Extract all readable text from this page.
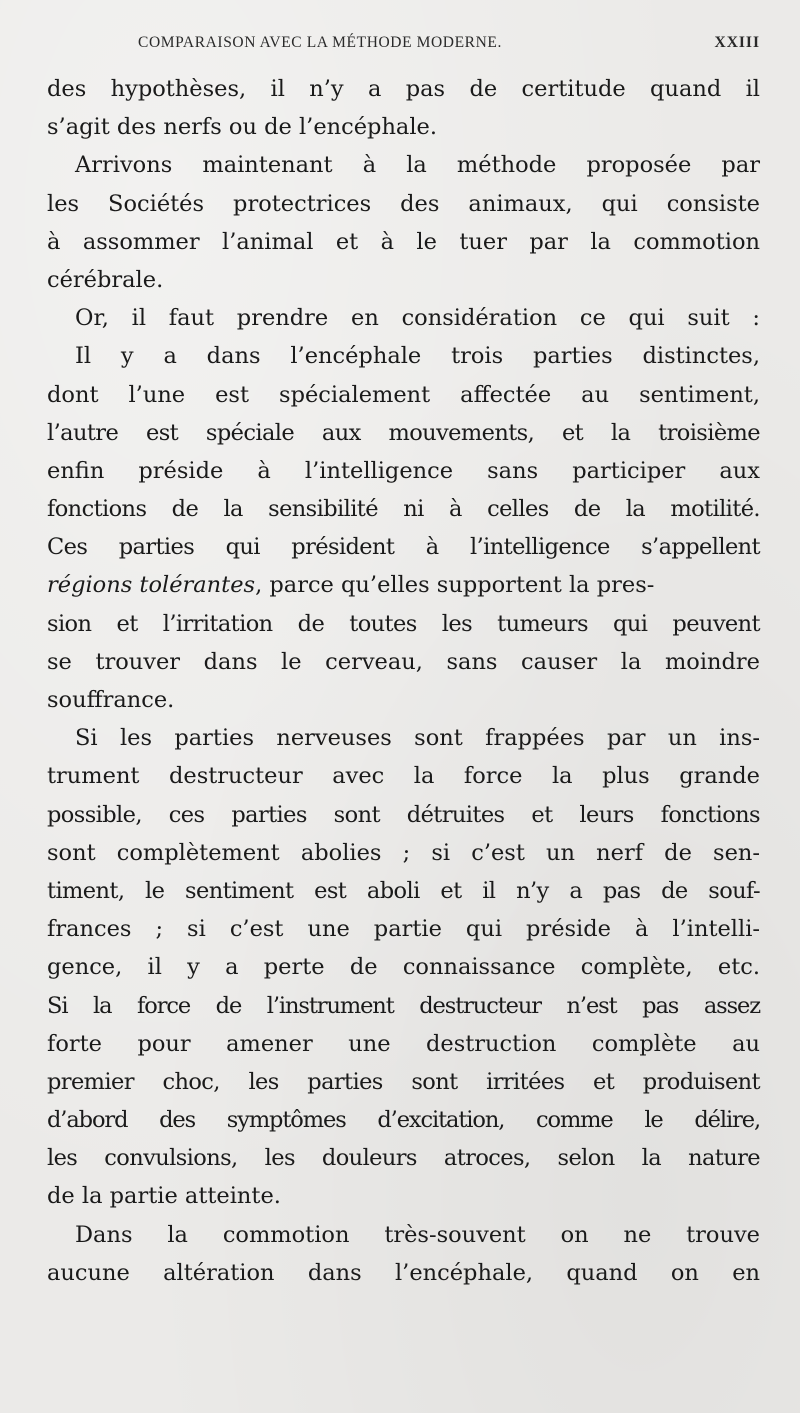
COMPARAISON AVEC LA MÉTHODE MODERNE.	XXIII
des hypothèses, il n’y a pas de certitude quand il
s’agit des nerfs ou de l’encéphale.
Arrivons maintenant à la méthode proposée par
les Sociétés protectrices des animaux, qui consiste
à assommer l’animal et à le tuer par la commotion
cérébrale.
Or, il faut prendre en considération ce qui suit :
Il y a dans l’encéphale trois parties distinctes,
dont l’une est spécialement affectée au sentiment,
l’autre est spéciale aux mouvements, et la troisième
enfin préside à l’intelligence sans participer aux
fonctions de la sensibilité ni à celles de la motilité.
Ces parties qui président à l’intelligence s’appellent
régions tolérantes, parce qu’elles supportent la pres-
sion et l’irritation de toutes les tumeurs qui peuvent
se trouver dans le cerveau, sans causer la moindre
souffrance.
Si les parties nerveuses sont frappées par un ins-
trument destructeur avec la force la plus grande
possible, ces parties sont détruites et leurs fonctions
sont complètement abolies ; si c’est un nerf de sen-
timent, le sentiment est aboli et il n’y a pas de souf-
frances ; si c’est une partie qui préside à l’intelli-
gence, il y a perte de connaissance complète, etc.
Si la force de l’instrument destructeur n’est pas assez
forte pour amener une destruction complète au
premier choc, les parties sont irritées et produisent
d’abord des symptômes d’excitation, comme le délire,
les convulsions, les douleurs atroces, selon la nature
de la partie atteinte.
Dans la commotion très-souvent on ne trouve
aucune altération dans l’encéphale, quand on en
